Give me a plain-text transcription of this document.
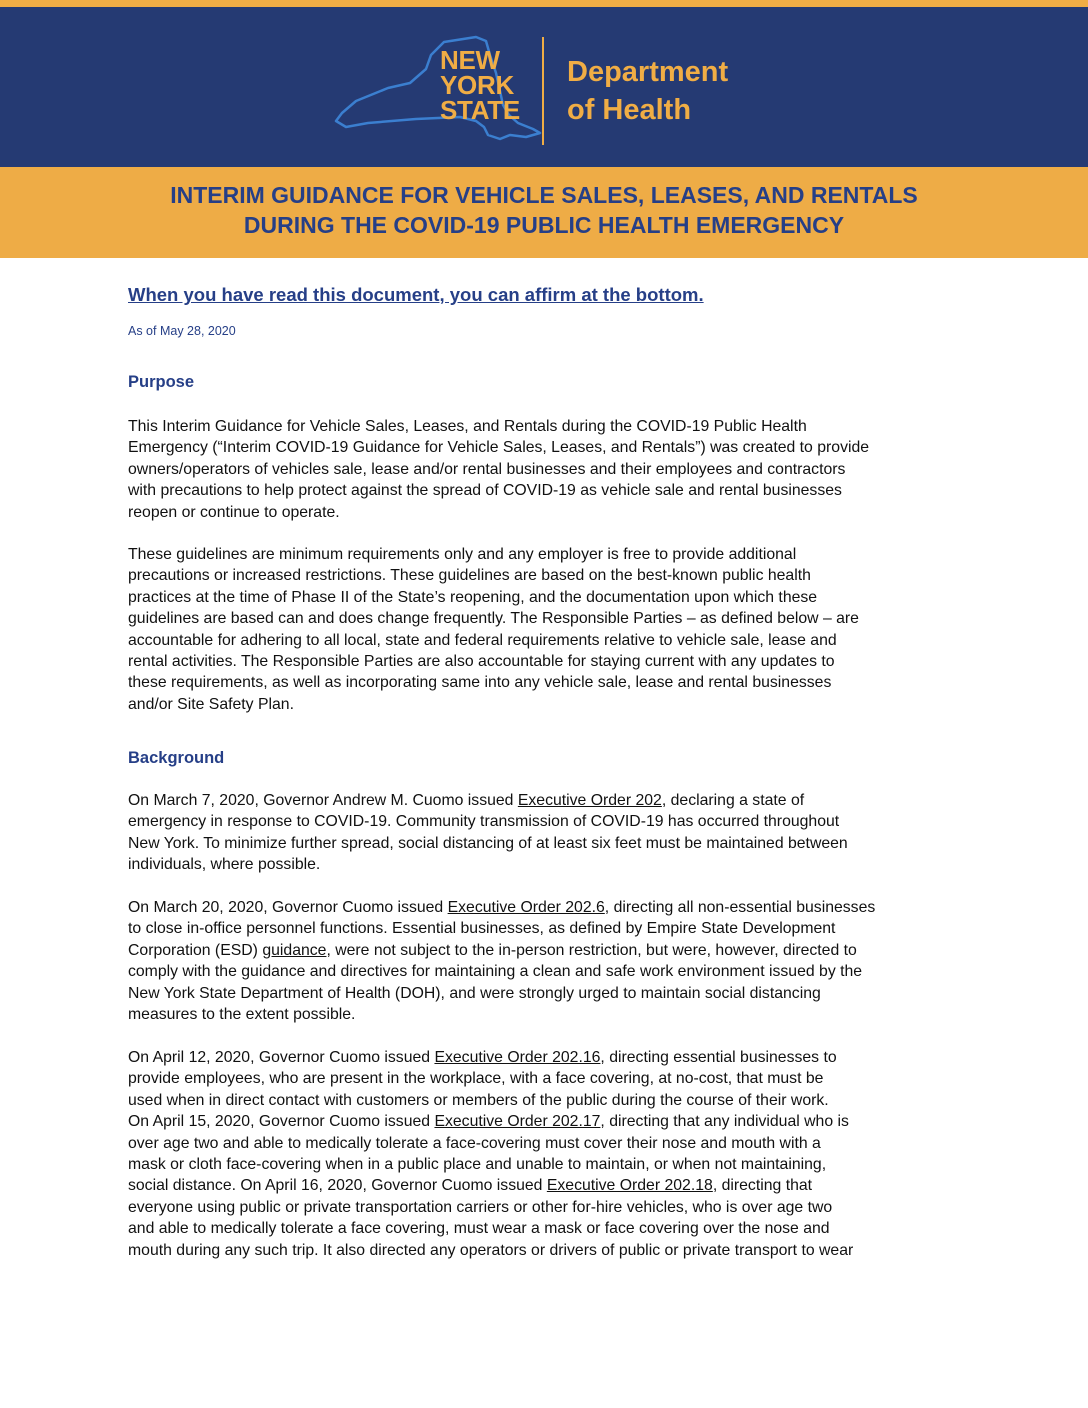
NEW
YORK
STATE
Department
of Health
INTERIM GUIDANCE FOR VEHICLE SALES, LEASES, AND RENTALS
DURING THE COVID-19 PUBLIC HEALTH EMERGENCY
When you have read this document, you can affirm at the bottom.
As of May 28, 2020
Purpose
This Interim Guidance for Vehicle Sales, Leases, and Rentals during the COVID-19 Public Health
Emergency (“Interim COVID-19 Guidance for Vehicle Sales, Leases, and Rentals”) was created to provide
owners/operators of vehicles sale, lease and/or rental businesses and their employees and contractors
with precautions to help protect against the spread of COVID-19 as vehicle sale and rental businesses
reopen or continue to operate.
These guidelines are minimum requirements only and any employer is free to provide additional
precautions or increased restrictions. These guidelines are based on the best-known public health
practices at the time of Phase II of the State’s reopening, and the documentation upon which these
guidelines are based can and does change frequently. The Responsible Parties – as defined below – are
accountable for adhering to all local, state and federal requirements relative to vehicle sale, lease and
rental activities. The Responsible Parties are also accountable for staying current with any updates to
these requirements, as well as incorporating same into any vehicle sale, lease and rental businesses
and/or Site Safety Plan.
Background
On March 7, 2020, Governor Andrew M. Cuomo issued Executive Order 202, declaring a state of
emergency in response to COVID-19. Community transmission of COVID-19 has occurred throughout
New York. To minimize further spread, social distancing of at least six feet must be maintained between
individuals, where possible.
On March 20, 2020, Governor Cuomo issued Executive Order 202.6, directing all non-essential businesses
to close in-office personnel functions. Essential businesses, as defined by Empire State Development
Corporation (ESD) guidance, were not subject to the in-person restriction, but were, however, directed to
comply with the guidance and directives for maintaining a clean and safe work environment issued by the
New York State Department of Health (DOH), and were strongly urged to maintain social distancing
measures to the extent possible.
On April 12, 2020, Governor Cuomo issued Executive Order 202.16, directing essential businesses to
provide employees, who are present in the workplace, with a face covering, at no-cost, that must be
used when in direct contact with customers or members of the public during the course of their work.
On April 15, 2020, Governor Cuomo issued Executive Order 202.17, directing that any individual who is
over age two and able to medically tolerate a face-covering must cover their nose and mouth with a
mask or cloth face-covering when in a public place and unable to maintain, or when not maintaining,
social distance. On April 16, 2020, Governor Cuomo issued Executive Order 202.18, directing that
everyone using public or private transportation carriers or other for-hire vehicles, who is over age two
and able to medically tolerate a face covering, must wear a mask or face covering over the nose and
mouth during any such trip. It also directed any operators or drivers of public or private transport to wear
